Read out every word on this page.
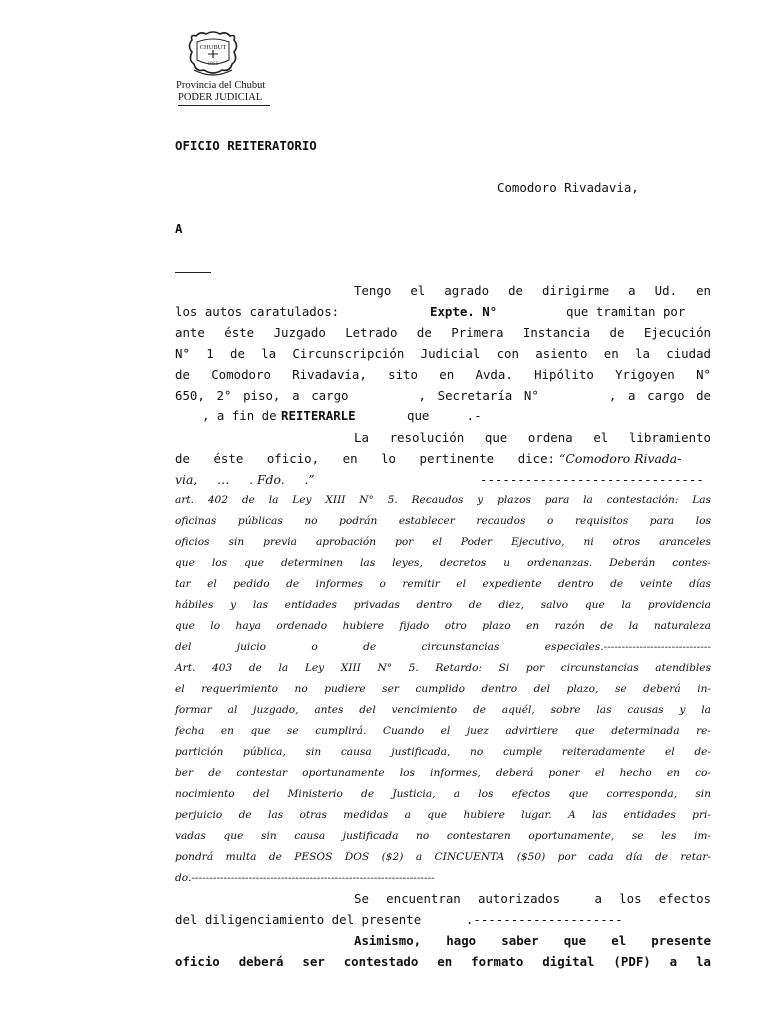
CHUBUT
1955
Provincia del Chubut
PODER JUDICIAL
OFICIO REITERATORIO
Comodoro Rivadavia,
A
Tengo el agrado de dirigirme a Ud. en
los autos caratulados:	Expte. N°	que tramitan por
ante éste Juzgado Letrado de Primera Instancia de Ejecución
N° 1 de la Circunscripción Judicial con asiento en la ciudad
de Comodoro Rivadavia, sito en Avda. Hipólito Yrigoyen N°
650, 2° piso, a cargo      , Secretaría N°      , a cargo de
, a fin de REITERARLE	que     .-
La resolución que ordena el libramiento
de éste oficio, en lo pertinente dice: “Comodoro Rivada-
via,     …     . Fdo.     .”	------------------------------
art. 402 de la Ley XIII N° 5. Recaudos y plazos para la contestación: Las
oficinas públicas no podrán establecer recaudos o requisitos para los
oficios sin previa aprobación por el Poder Ejecutivo, ni otros aranceles
que los que determinen las leyes, decretos u ordenanzas. Deberán contes-
tar el pedido de informes o remitir el expediente dentro de veinte días
hábiles y las entidades privadas dentro de diez, salvo que la providencia
que lo haya ordenado hubiere fijado otro plazo en razón de la naturaleza
del juicio o de circunstancias especiales.------------------------------
Art. 403 de la Ley XIII N° 5. Retardo: Si por circunstancias atendibles
el requerimiento no pudiere ser cumplido dentro del plazo, se deberá in-
formar al juzgado, antes del vencimiento de aquél, sobre las causas y la
fecha en que se cumplirá. Cuando el juez advirtiere que determinada re-
partición pública, sin causa justificada, no cumple reiteradamente el de-
ber de contestar oportunamente los informes, deberá poner el hecho en co-
nocimiento del Ministerio de Justicia, a los efectos que corresponda, sin
perjuicio de las otras medidas a que hubiere lugar. A las entidades pri-
vadas que sin causa justificada no contestaren oportunamente, se les im-
pondrá multa de PESOS DOS ($2) a CINCUENTA ($50) por cada día de retar-
do.--------------------------------------------------------------------
Se encuentran autorizados  a los efectos
del diligenciamiento del presente      .--------------------
Asimismo, hago saber que el presente
oficio deberá ser contestado en formato digital (PDF) a la
